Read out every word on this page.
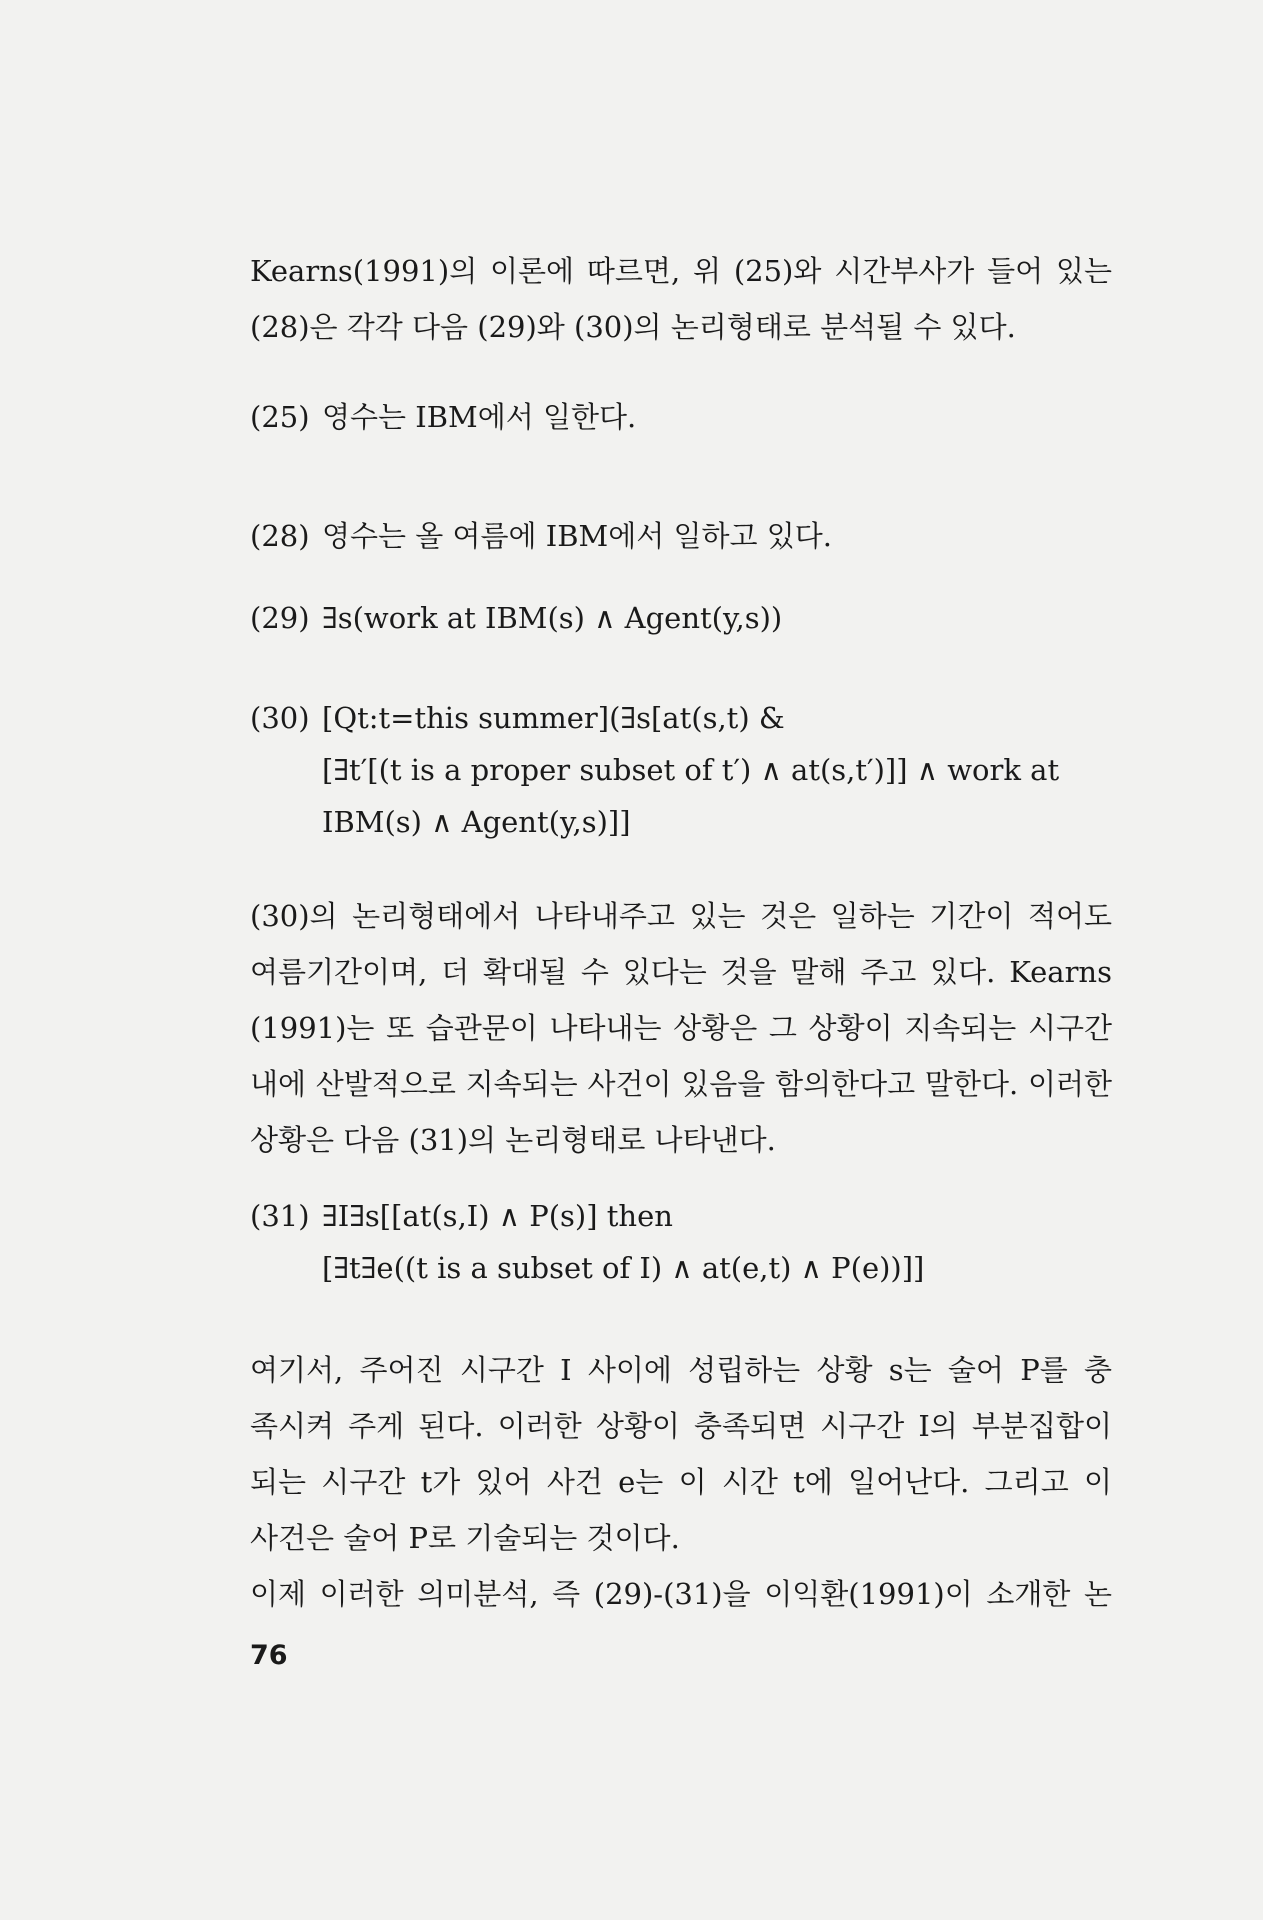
Kearns(1991)의 이론에 따르면, 위 (25)와 시간부사가 들어 있는
(28)은 각각 다음 (29)와 (30)의 논리형태로 분석될 수 있다.
(25) 영수는 IBM에서 일한다.
(28) 영수는 올 여름에 IBM에서 일하고 있다.
(29) ∃s(work at IBM(s) ∧ Agent(y,s))
(30) [Qt:t=this summer](∃s[at(s,t) &
[∃t′[(t is a proper subset of t′) ∧ at(s,t′)]] ∧ work at
IBM(s) ∧ Agent(y,s)]]
(30)의 논리형태에서 나타내주고 있는 것은 일하는 기간이 적어도
여름기간이며, 더 확대될 수 있다는 것을 말해 주고 있다. Kearns
(1991)는 또 습관문이 나타내는 상황은 그 상황이 지속되는 시구간
내에 산발적으로 지속되는 사건이 있음을 함의한다고 말한다. 이러한
상황은 다음 (31)의 논리형태로 나타낸다.
(31) ∃I∃s[[at(s,I) ∧ P(s)] then
[∃t∃e((t is a subset of I) ∧ at(e,t) ∧ P(e))]]
여기서, 주어진 시구간 I 사이에 성립하는 상황 s는 술어 P를 충
족시켜 주게 된다. 이러한 상황이 충족되면 시구간 I의 부분집합이
되는 시구간 t가 있어 사건 e는 이 시간 t에 일어난다. 그리고 이
사건은 술어 P로 기술되는 것이다.
이제 이러한 의미분석, 즉 (29)-(31)을 이익환(1991)이 소개한 논
76
